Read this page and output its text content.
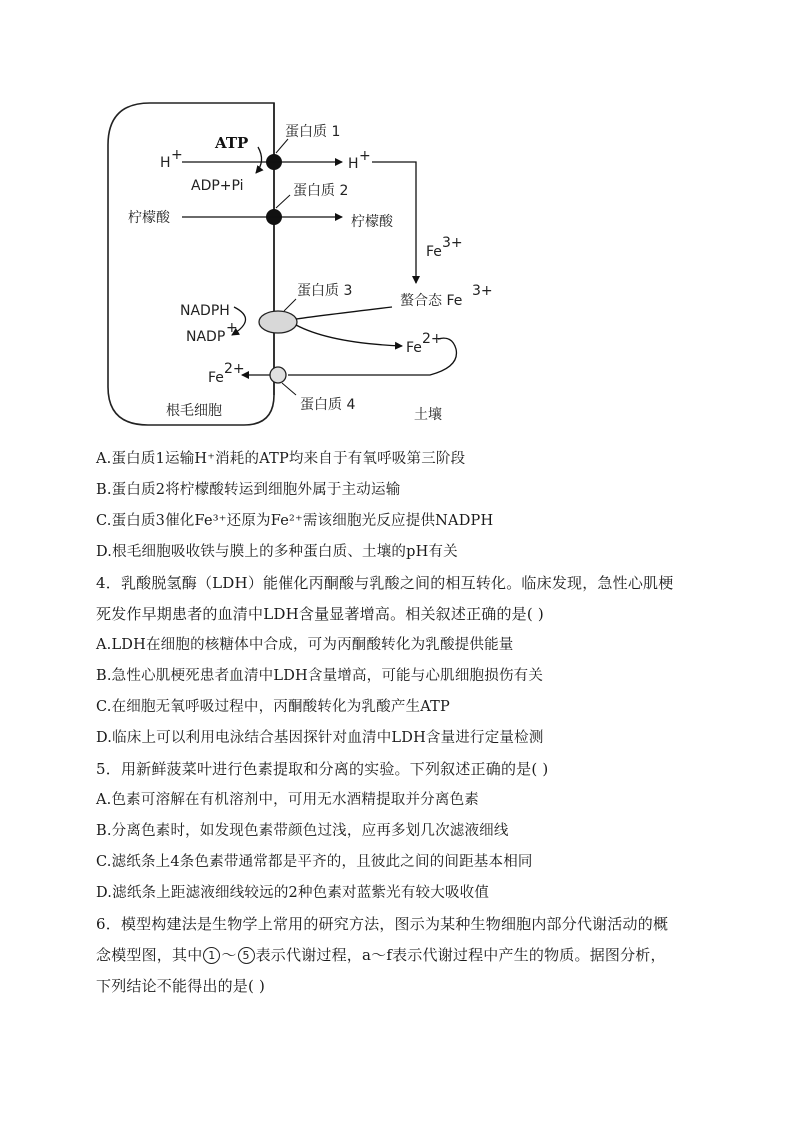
ATP
ADP+Pi
蛋白质 1
H +
H +
Fe
3+
蛋白质 2
柠檬酸	柠檬酸
螯合态 Fe
3+
蛋白质 3
NADPH
NADP
+
Fe
2+
蛋白质 4
Fe
2+
根毛细胞	土壤
A.蛋白质1运输H⁺消耗的ATP均来自于有氧呼吸第三阶段
B.蛋白质2将柠檬酸转运到细胞外属于主动运输
C.蛋白质3催化Fe³⁺还原为Fe²⁺需该细胞光反应提供NADPH
D.根毛细胞吸收铁与膜上的多种蛋白质、土壤的pH有关
4．乳酸脱氢酶（LDH）能催化丙酮酸与乳酸之间的相互转化。临床发现，急性心肌梗
死发作早期患者的血清中LDH含量显著增高。相关叙述正确的是( )
A.LDH在细胞的核糖体中合成，可为丙酮酸转化为乳酸提供能量
B.急性心肌梗死患者血清中LDH含量增高，可能与心肌细胞损伤有关
C.在细胞无氧呼吸过程中，丙酮酸转化为乳酸产生ATP
D.临床上可以利用电泳结合基因探针对血清中LDH含量进行定量检测
5．用新鲜菠菜叶进行色素提取和分离的实验。下列叙述正确的是( )
A.色素可溶解在有机溶剂中，可用无水酒精提取并分离色素
B.分离色素时，如发现色素带颜色过浅，应再多划几次滤液细线
C.滤纸条上4条色素带通常都是平齐的，且彼此之间的间距基本相同
D.滤纸条上距滤液细线较远的2种色素对蓝紫光有较大吸收值
6．模型构建法是生物学上常用的研究方法，图示为某种生物细胞内部分代谢活动的概
念模型图，其中 1 ～ 5 表示代谢过程，a～f表示代谢过程中产生的物质。据图分析，
下列结论不能得出的是( )
